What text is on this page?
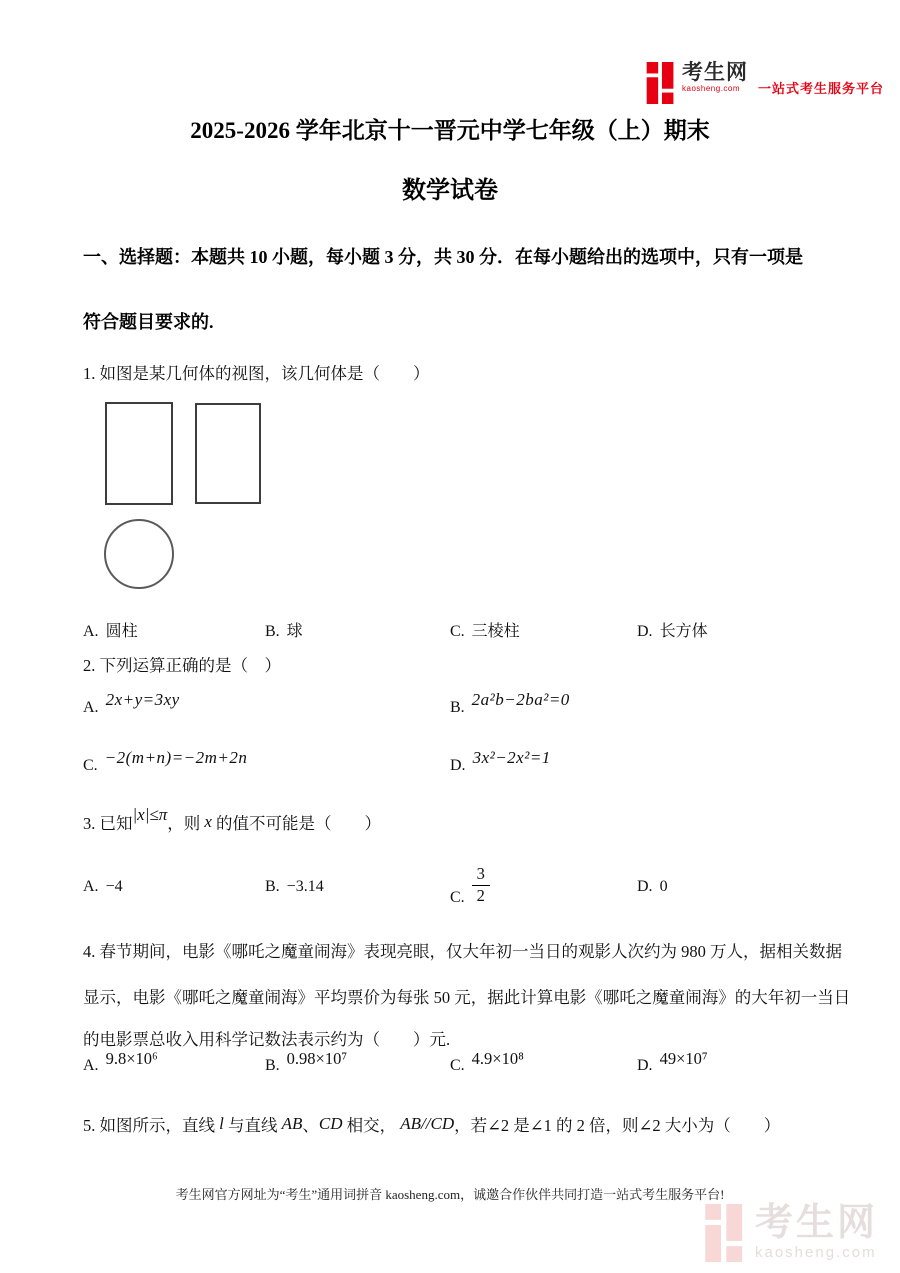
考生网
kaosheng.com	一站式考生服务平台
2025-2026 学年北京十一晋元中学七年级（上）期末
数学试卷
一、选择题：本题共 10 小题，每小题 3 分，共 30 分．在每小题给出的选项中，只有一项是
符合题目要求的.
1. 如图是某几何体的视图，该几何体是（　　）
A. 圆柱	B. 球	C. 三棱柱	D. 长方体
2. 下列运算正确的是（　）
A. 2x+y=3xy	B. 2a²b−2ba²=0
C. −2(m+n)=−2m+2n	D. 3x²−2x²=1
3. 已知|x|≤π，则 x 的值不可能是（　　）
A. −4	B. −3.14
C. $\frac{3}{2}$	D. 0
4. 春节期间，电影《哪吒之魔童闹海》表现亮眼，仅大年初一当日的观影人次约为 980 万人，据相关数据
显示，电影《哪吒之魔童闹海》平均票价为每张 50 元，据此计算电影《哪吒之魔童闹海》的大年初一当日
的电影票总收入用科学记数法表示约为（　　）元.
A. 9.8×10⁶	B. 0.98×10⁷	C. 4.9×10⁸	D. 49×10⁷
5. 如图所示，直线 l 与直线 AB、CD 相交， AB//CD，若∠2 是∠1 的 2 倍，则∠2 大小为（　　）
考生网官方网址为“考生”通用词拼音 kaosheng.com，诚邀合作伙伴共同打造一站式考生服务平台!
考生网
kaosheng.com
